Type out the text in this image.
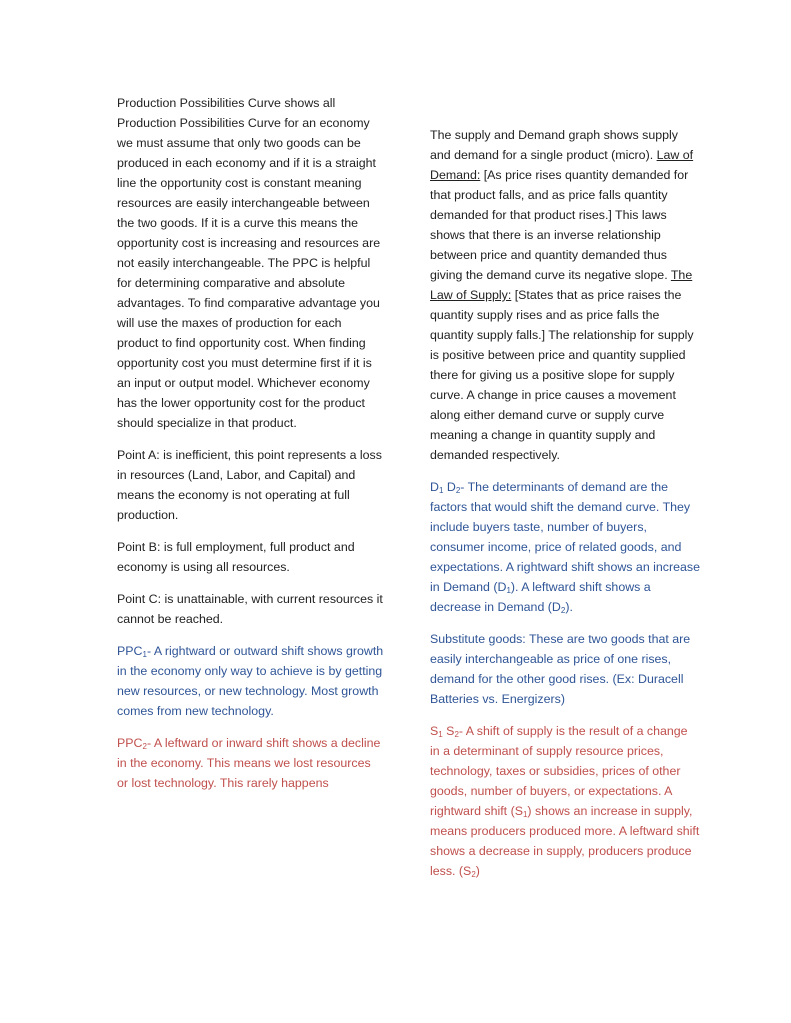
Production Possibilities Curve shows all Production Possibilities Curve for an economy we must assume that only two goods can be produced in each economy and if it is a straight line the opportunity cost is constant meaning resources are easily interchangeable between the two goods. If it is a curve this means the opportunity cost is increasing and resources are not easily interchangeable. The PPC is helpful for determining comparative and absolute advantages. To find comparative advantage you will use the maxes of production for each product to find opportunity cost. When finding opportunity cost you must determine first if it is an input or output model. Whichever economy has the lower opportunity cost for the product should specialize in that product.

Point A: is inefficient, this point represents a loss in resources (Land, Labor, and Capital) and means the economy is not operating at full production.

Point B: is full employment, full product and economy is using all resources.

Point C: is unattainable, with current resources it cannot be reached.

$PPC_1-$ A rightward or outward shift shows growth in the economy only way to achieve is by getting new resources, or new technology. Most growth comes from new technology.

$PPC_2-$ A leftward or inward shift shows a decline in the economy. This means we lost resources or lost technology. This rarely happens

The supply and Demand graph shows supply and demand for a single product (micro). Law of Demand: [As price rises quantity demanded for that product falls, and as price falls quantity demanded for that product rises.] This laws shows that there is an inverse relationship between price and quantity demanded thus giving the demand curve its negative slope. The Law of Supply: [States that as price raises the quantity supply rises and as price falls the quantity supply falls.] The relationship for supply is positive between price and quantity supplied there for giving us a positive slope for supply curve. A change in price causes a movement along either demand curve or supply curve meaning a change in quantity supply and demanded respectively.

$D_1$ $D_2-$ The determinants of demand are the factors that would shift the demand curve. They include buyers taste, number of buyers, consumer income, price of related goods, and expectations. A rightward shift shows an increase in Demand $(D_1)$. A leftward shift shows a decrease in Demand $(D_2)$.

Substitute goods: These are two goods that are easily interchangeable as price of one rises, demand for the other good rises. (Ex: Duracell Batteries vs. Energizers)

$S_1$ $S_2-$ A shift of supply is the result of a change in a determinant of supply resource prices, technology, taxes or subsidies, prices of other goods, number of buyers, or expectations. A rightward shift $(S_1)$ shows an increase in supply, means producers produced more. A leftward shift shows a decrease in supply, producers produce less. $(S_2)$
